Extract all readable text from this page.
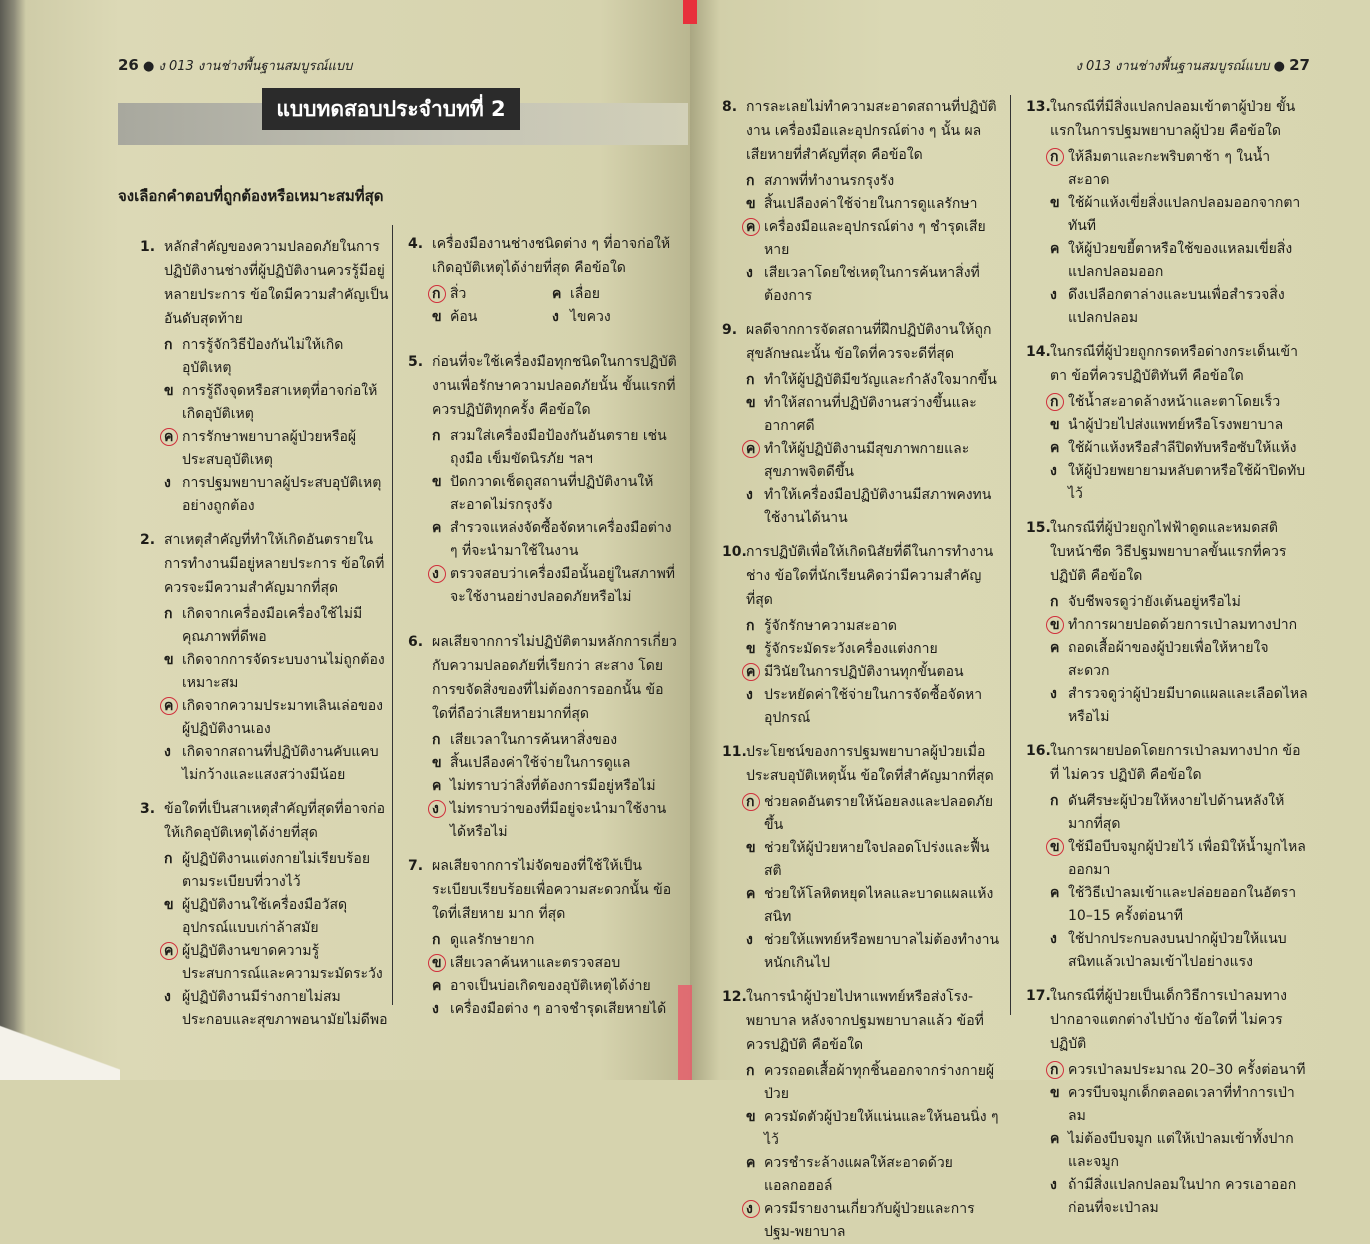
26 ● ง 013 งานช่างพื้นฐานสมบูรณ์แบบ	ง 013 งานช่างพื้นฐานสมบูรณ์แบบ ● 27
แบบทดสอบประจำบทที่ 2
จงเลือกคำตอบที่ถูกต้องหรือเหมาะสมที่สุด
1. หลักสำคัญของความปลอดภัยในการปฏิบัติงานช่างที่ผู้ปฏิบัติงานควรรู้มีอยู่หลายประการ ข้อใดมีความสำคัญเป็นอันดับสุดท้าย
ก การรู้จักวิธีป้องกันไม่ให้เกิดอุบัติเหตุ
ข การรู้ถึงจุดหรือสาเหตุที่อาจก่อให้เกิดอุบัติเหตุ
ค การรักษาพยาบาลผู้ป่วยหรือผู้ประสบอุบัติเหตุ
ง การปฐมพยาบาลผู้ประสบอุบัติเหตุอย่างถูกต้อง
2. สาเหตุสำคัญที่ทำให้เกิดอันตรายในการทำงานมีอยู่หลายประการ ข้อใดที่ควรจะมีความสำคัญมากที่สุด
ก เกิดจากเครื่องมือเครื่องใช้ไม่มีคุณภาพที่ดีพอ
ข เกิดจากการจัดระบบงานไม่ถูกต้องเหมาะสม
ค เกิดจากความประมาทเลินเล่อของผู้ปฏิบัติงานเอง
ง เกิดจากสถานที่ปฏิบัติงานคับแคบไม่กว้างและแสงสว่างมีน้อย
3. ข้อใดที่เป็นสาเหตุสำคัญที่สุดที่อาจก่อให้เกิดอุบัติเหตุได้ง่ายที่สุด
ก ผู้ปฏิบัติงานแต่งกายไม่เรียบร้อยตามระเบียบที่วางไว้
ข ผู้ปฏิบัติงานใช้เครื่องมือวัสดุอุปกรณ์แบบเก่าล้าสมัย
ค ผู้ปฏิบัติงานขาดความรู้ ประสบการณ์และความระมัดระวัง
ง ผู้ปฏิบัติงานมีร่างกายไม่สมประกอบและสุขภาพอนามัยไม่ดีพอ
4. เครื่องมืองานช่างชนิดต่าง ๆ ที่อาจก่อให้เกิดอุบัติเหตุได้ง่ายที่สุด คือข้อใด
ก สิ่ว	ค เลื่อย
ข ค้อน	ง ไขควง
5. ก่อนที่จะใช้เครื่องมือทุกชนิดในการปฏิบัติงานเพื่อรักษาความปลอดภัยนั้น ขั้นแรกที่ควรปฏิบัติทุกครั้ง คือข้อใด
ก สวมใส่เครื่องมือป้องกันอันตราย เช่น ถุงมือ เข็มขัดนิรภัย ฯลฯ
ข ปัดกวาดเช็ดถูสถานที่ปฏิบัติงานให้สะอาดไม่รกรุงรัง
ค สำรวจแหล่งจัดซื้อจัดหาเครื่องมือต่าง ๆ ที่จะนำมาใช้ในงาน
ง ตรวจสอบว่าเครื่องมือนั้นอยู่ในสภาพที่จะใช้งานอย่างปลอดภัยหรือไม่
6. ผลเสียจากการไม่ปฏิบัติตามหลักการเกี่ยวกับความปลอดภัยที่เรียกว่า สะสาง โดยการขจัดสิ่งของที่ไม่ต้องการออกนั้น ข้อใดที่ถือว่าเสียหายมากที่สุด
ก เสียเวลาในการค้นหาสิ่งของ
ข สิ้นเปลืองค่าใช้จ่ายในการดูแล
ค ไม่ทราบว่าสิ่งที่ต้องการมีอยู่หรือไม่
ง ไม่ทราบว่าของที่มีอยู่จะนำมาใช้งานได้หรือไม่
7. ผลเสียจากการไม่จัดของที่ใช้ให้เป็นระเบียบเรียบร้อยเพื่อความสะดวกนั้น ข้อใดที่เสียหาย มาก ที่สุด
ก ดูแลรักษายาก
ข เสียเวลาค้นหาและตรวจสอบ
ค อาจเป็นบ่อเกิดของอุบัติเหตุได้ง่าย
ง เครื่องมือต่าง ๆ อาจชำรุดเสียหายได้
8. การละเลยไม่ทำความสะอาดสถานที่ปฏิบัติงาน เครื่องมือและอุปกรณ์ต่าง ๆ นั้น ผลเสียหายที่สำคัญที่สุด คือข้อใด
ก สภาพที่ทำงานรกรุงรัง
ข สิ้นเปลืองค่าใช้จ่ายในการดูแลรักษา
ค เครื่องมือและอุปกรณ์ต่าง ๆ ชำรุดเสียหาย
ง เสียเวลาโดยใช่เหตุในการค้นหาสิ่งที่ต้องการ
9. ผลดีจากการจัดสถานที่ฝึกปฏิบัติงานให้ถูกสุขลักษณะนั้น ข้อใดที่ควรจะดีที่สุด
ก ทำให้ผู้ปฏิบัติมีขวัญและกำลังใจมากขึ้น
ข ทำให้สถานที่ปฏิบัติงานสว่างขึ้นและอากาศดี
ค ทำให้ผู้ปฏิบัติงานมีสุขภาพกายและสุขภาพจิตดีขึ้น
ง ทำให้เครื่องมือปฏิบัติงานมีสภาพคงทนใช้งานได้นาน
10. การปฏิบัติเพื่อให้เกิดนิสัยที่ดีในการทำงานช่าง ข้อใดที่นักเรียนคิดว่ามีความสำคัญที่สุด
ก รู้จักรักษาความสะอาด
ข รู้จักระมัดระวังเครื่องแต่งกาย
ค มีวินัยในการปฏิบัติงานทุกขั้นตอน
ง ประหยัดค่าใช้จ่ายในการจัดซื้อจัดหาอุปกรณ์
11. ประโยชน์ของการปฐมพยาบาลผู้ป่วยเมื่อประสบอุบัติเหตุนั้น ข้อใดที่สำคัญมากที่สุด
ก ช่วยลดอันตรายให้น้อยลงและปลอดภัยขึ้น
ข ช่วยให้ผู้ป่วยหายใจปลอดโปร่งและฟื้นสติ
ค ช่วยให้โลหิตหยุดไหลและบาดแผลแห้งสนิท
ง ช่วยให้แพทย์หรือพยาบาลไม่ต้องทำงานหนักเกินไป
12. ในการนำผู้ป่วยไปหาแพทย์หรือส่งโรง-พยาบาล หลังจากปฐมพยาบาลแล้ว ข้อที่ควรปฏิบัติ คือข้อใด
ก ควรถอดเสื้อผ้าทุกชิ้นออกจากร่างกายผู้ป่วย
ข ควรมัดตัวผู้ป่วยให้แน่นและให้นอนนิ่ง ๆ ไว้
ค ควรชำระล้างแผลให้สะอาดด้วยแอลกอฮอล์
ง ควรมีรายงานเกี่ยวกับผู้ป่วยและการปฐม-พยาบาล
13. ในกรณีที่มีสิ่งแปลกปลอมเข้าตาผู้ป่วย ขั้นแรกในการปฐมพยาบาลผู้ป่วย คือข้อใด
ก ให้ลืมตาและกะพริบตาช้า ๆ ในน้ำสะอาด
ข ใช้ผ้าแห้งเขี่ยสิ่งแปลกปลอมออกจากตาทันที
ค ให้ผู้ป่วยขยี้ตาหรือใช้ของแหลมเขี่ยสิ่งแปลกปลอมออก
ง ดึงเปลือกตาล่างและบนเพื่อสำรวจสิ่งแปลกปลอม
14. ในกรณีที่ผู้ป่วยถูกกรดหรือด่างกระเด็นเข้าตา ข้อที่ควรปฏิบัติทันที คือข้อใด
ก ใช้น้ำสะอาดล้างหน้าและตาโดยเร็ว
ข นำผู้ป่วยไปส่งแพทย์หรือโรงพยาบาล
ค ใช้ผ้าแห้งหรือสำลีปิดทับหรือซับให้แห้ง
ง ให้ผู้ป่วยพยายามหลับตาหรือใช้ผ้าปิดทับไว้
15. ในกรณีที่ผู้ป่วยถูกไฟฟ้าดูดและหมดสติ ใบหน้าซีด วิธีปฐมพยาบาลขั้นแรกที่ควรปฏิบัติ คือข้อใด
ก จับชีพจรดูว่ายังเต้นอยู่หรือไม่
ข ทำการผายปอดด้วยการเป่าลมทางปาก
ค ถอดเสื้อผ้าของผู้ป่วยเพื่อให้หายใจสะดวก
ง สำรวจดูว่าผู้ป่วยมีบาดแผลและเลือดไหลหรือไม่
16. ในการผายปอดโดยการเป่าลมทางปาก ข้อที่ ไม่ควร ปฏิบัติ คือข้อใด
ก ดันศีรษะผู้ป่วยให้หงายไปด้านหลังให้มากที่สุด
ข ใช้มือบีบจมูกผู้ป่วยไว้ เพื่อมิให้น้ำมูกไหลออกมา
ค ใช้วิธีเป่าลมเข้าและปล่อยออกในอัตรา 10–15 ครั้งต่อนาที
ง ใช้ปากประกบลงบนปากผู้ป่วยให้แนบสนิทแล้วเป่าลมเข้าไปอย่างแรง
17. ในกรณีที่ผู้ป่วยเป็นเด็กวิธีการเป่าลมทางปากอาจแตกต่างไปบ้าง ข้อใดที่ ไม่ควร ปฏิบัติ
ก ควรเป่าลมประมาณ 20–30 ครั้งต่อนาที
ข ควรบีบจมูกเด็กตลอดเวลาที่ทำการเป่าลม
ค ไม่ต้องบีบจมูก แต่ให้เป่าลมเข้าทั้งปากและจมูก
ง ถ้ามีสิ่งแปลกปลอมในปาก ควรเอาออกก่อนที่จะเป่าลม
